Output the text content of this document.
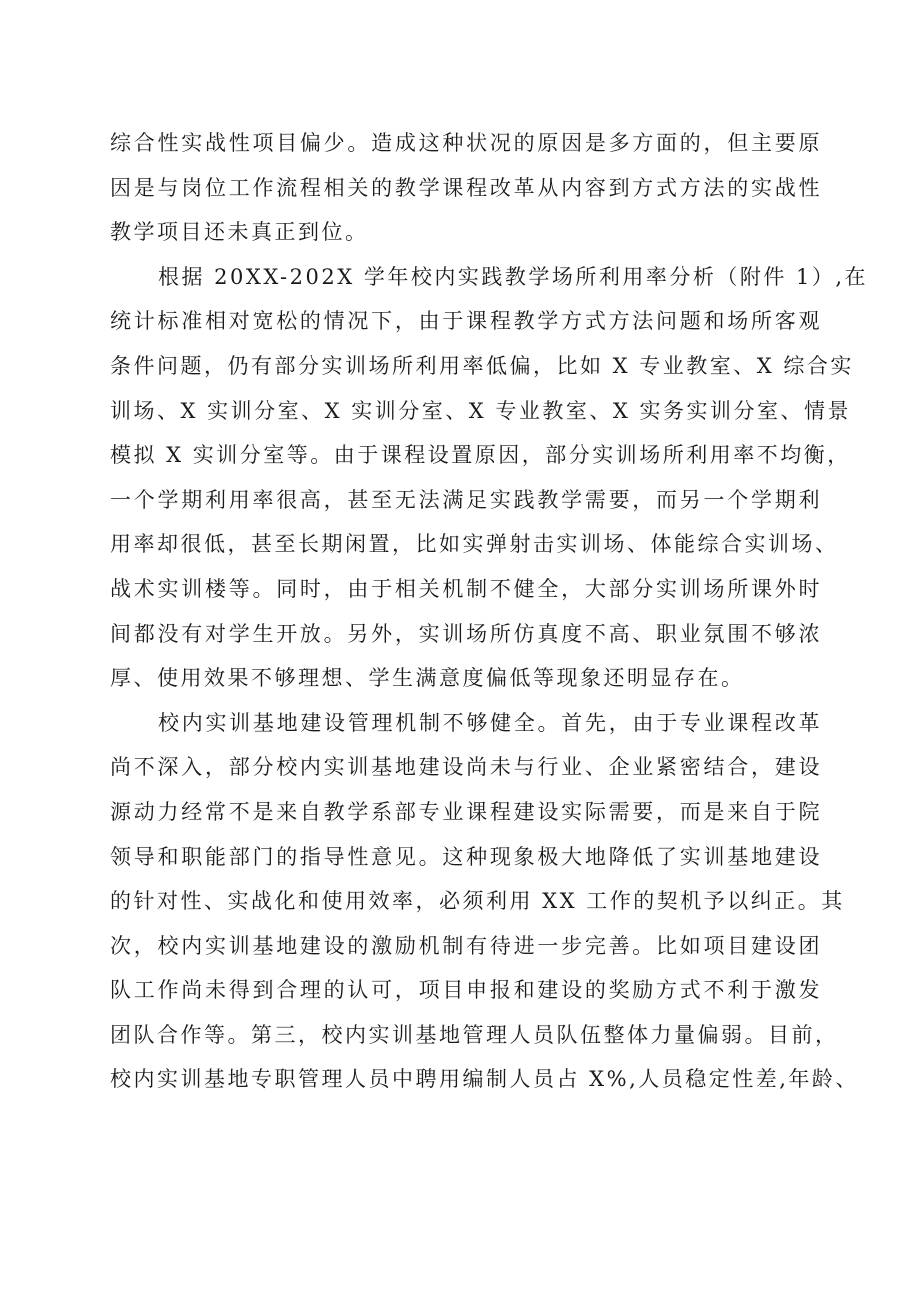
综合性实战性项目偏少。造成这种状况的原因是多方面的，但主要原
因是与岗位工作流程相关的教学课程改革从内容到方式方法的实战性
教学项目还未真正到位。
根据 20XX-202X 学年校内实践教学场所利用率分析（附件 1）,在
统计标准相对宽松的情况下，由于课程教学方式方法问题和场所客观
条件问题，仍有部分实训场所利用率低偏，比如 X 专业教室、X 综合实
训场、X 实训分室、X 实训分室、X 专业教室、X 实务实训分室、情景
模拟 X 实训分室等。由于课程设置原因，部分实训场所利用率不均衡，
一个学期利用率很高，甚至无法满足实践教学需要，而另一个学期利
用率却很低，甚至长期闲置，比如实弹射击实训场、体能综合实训场、
战术实训楼等。同时，由于相关机制不健全，大部分实训场所课外时
间都没有对学生开放。另外，实训场所仿真度不高、职业氛围不够浓
厚、使用效果不够理想、学生满意度偏低等现象还明显存在。
校内实训基地建设管理机制不够健全。首先，由于专业课程改革
尚不深入，部分校内实训基地建设尚未与行业、企业紧密结合，建设
源动力经常不是来自教学系部专业课程建设实际需要，而是来自于院
领导和职能部门的指导性意见。这种现象极大地降低了实训基地建设
的针对性、实战化和使用效率，必须利用 XX 工作的契机予以纠正。其
次，校内实训基地建设的激励机制有待进一步完善。比如项目建设团
队工作尚未得到合理的认可，项目申报和建设的奖励方式不利于激发
团队合作等。第三，校内实训基地管理人员队伍整体力量偏弱。目前，
校内实训基地专职管理人员中聘用编制人员占 X%,人员稳定性差,年龄、
